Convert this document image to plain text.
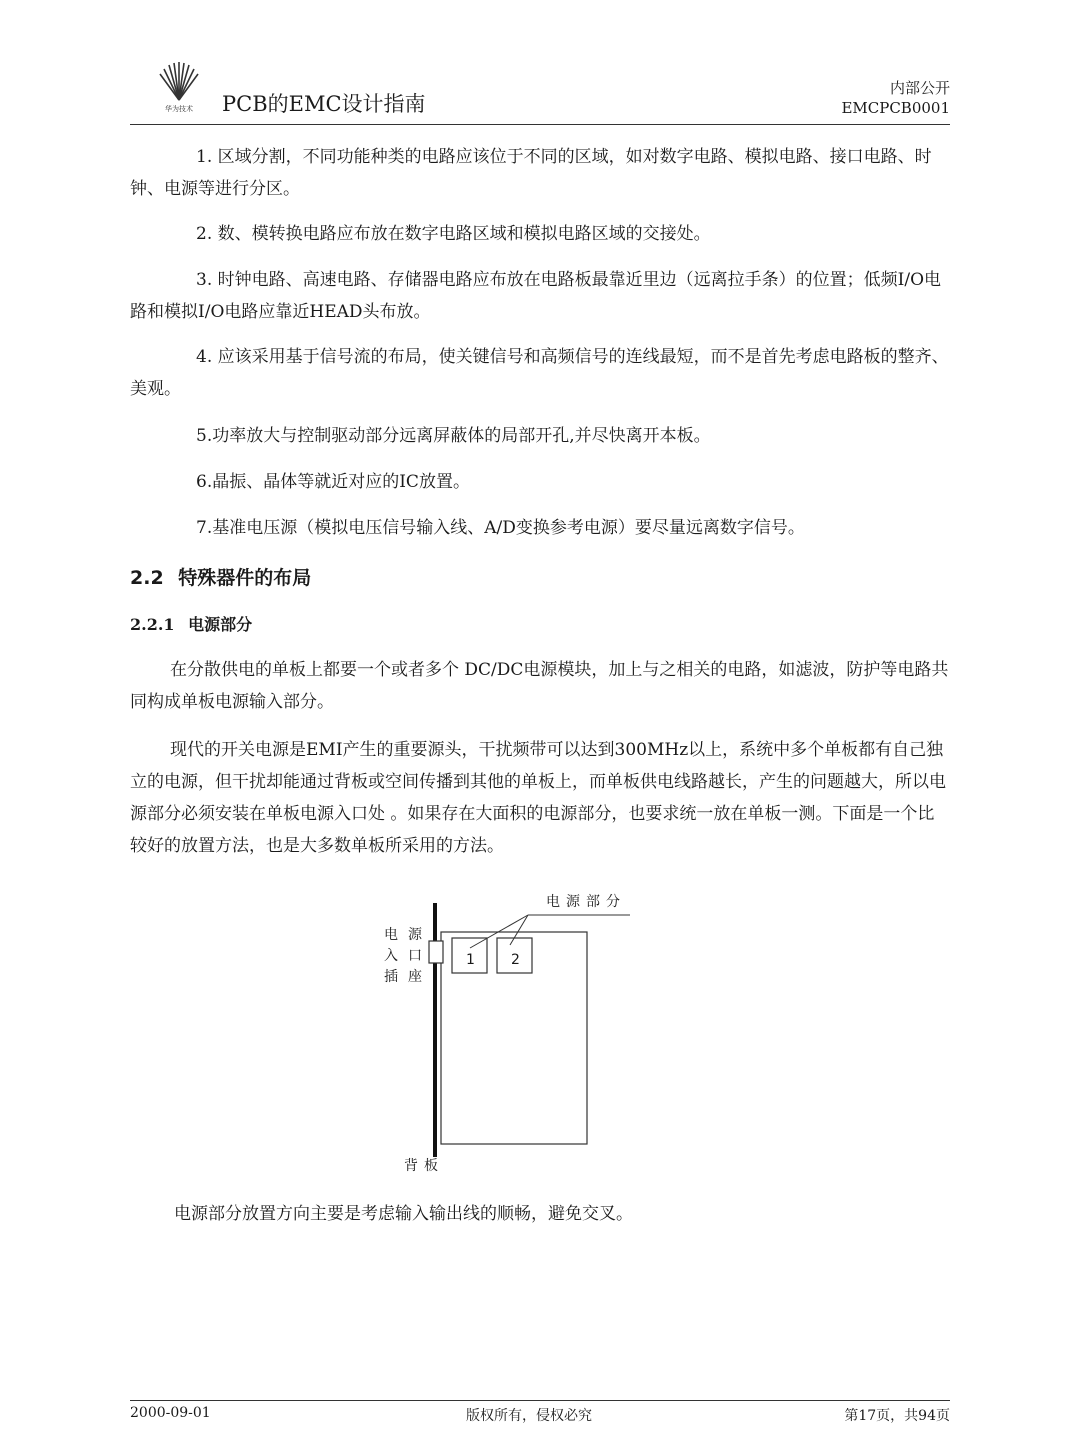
华为技术 PCB的EMC设计指南
内部公开
EMCPCB0001

1. 区域分割，不同功能种类的电路应该位于不同的区域，如对数字电路、模拟电路、接口电路、时钟、电源等进行分区。

2. 数、模转换电路应布放在数字电路区域和模拟电路区域的交接处。

3. 时钟电路、高速电路、存储器电路应布放在电路板最靠近里边（远离拉手条）的位置；低频I/O电路和模拟I/O电路应靠近HEAD头布放。

4. 应该采用基于信号流的布局，使关键信号和高频信号的连线最短，而不是首先考虑电路板的整齐、美观。

5.功率放大与控制驱动部分远离屏蔽体的局部开孔,并尽快离开本板。

6.晶振、晶体等就近对应的IC放置。

7.基准电压源（模拟电压信号输入线、A/D变换参考电源）要尽量远离数字信号。

2.2 特殊器件的布局
2.2.1 电源部分

在分散供电的单板上都要一个或者多个 DC/DC电源模块，加上与之相关的电路，如滤波，防护等电路共同构成单板电源输入部分。

现代的开关电源是EMI产生的重要源头，干扰频带可以达到300MHz以上，系统中多个单板都有自己独立的电源，但干扰却能通过背板或空间传播到其他的单板上，而单板供电线路越长，产生的问题越大，所以电源部分必须安装在单板电源入口处 。如果存在大面积的电源部分，也要求统一放在单板一测。下面是一个比较好的放置方法，也是大多数单板所采用的方法。

电源部分
电入插
源口座
1	2
背板

电源部分放置方向主要是考虑输入输出线的顺畅，避免交叉。

2000-09-01	版权所有，侵权必究	第17页，共94页
